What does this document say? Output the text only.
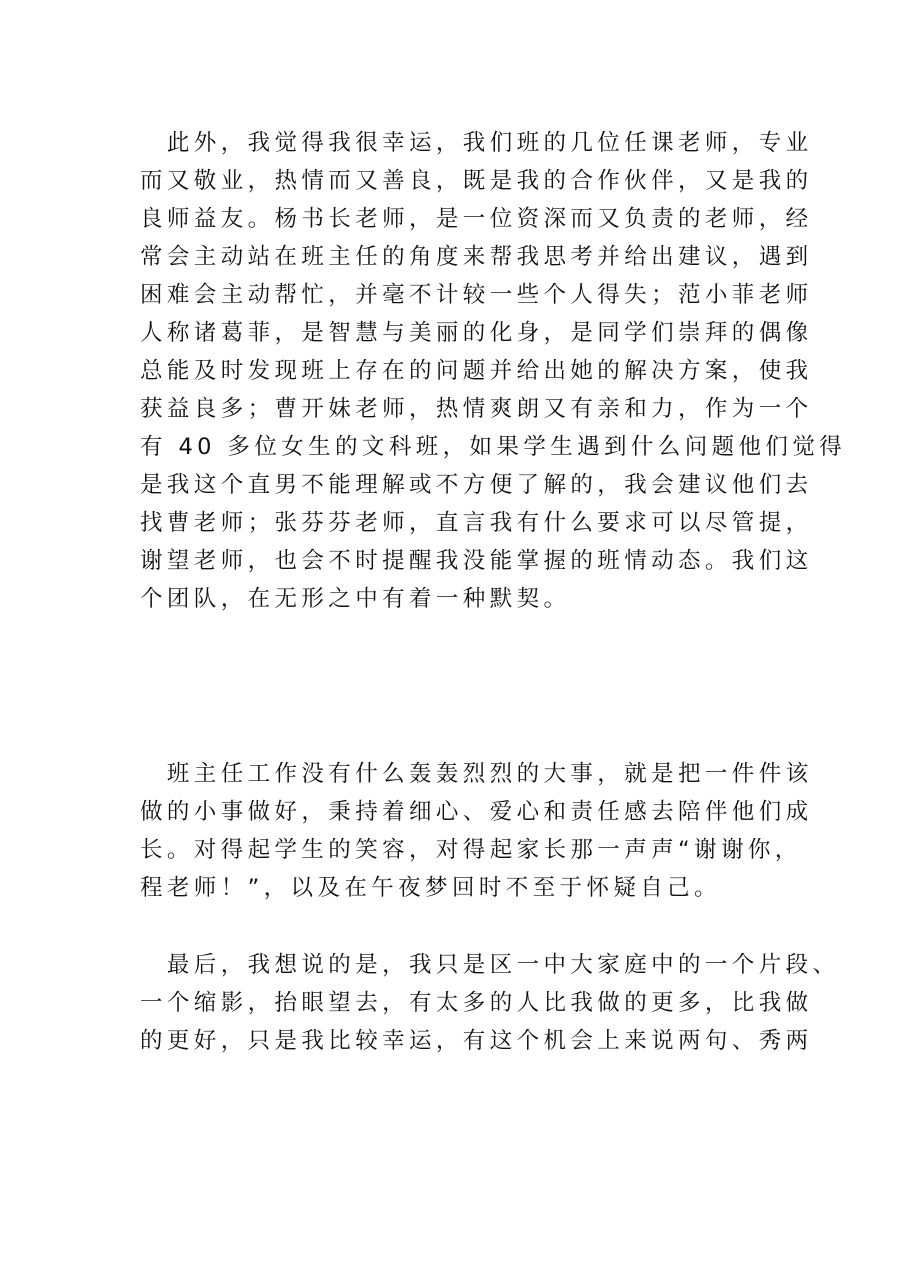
　此外，我觉得我很幸运，我们班的几位任课老师，专业
而又敬业，热情而又善良，既是我的合作伙伴，又是我的
良师益友。杨书长老师，是一位资深而又负责的老师，经
常会主动站在班主任的角度来帮我思考并给出建议，遇到
困难会主动帮忙，并毫不计较一些个人得失；范小菲老师
人称诸葛菲，是智慧与美丽的化身，是同学们崇拜的偶像
总能及时发现班上存在的问题并给出她的解决方案，使我
获益良多；曹开妹老师，热情爽朗又有亲和力，作为一个
有 40 多位女生的文科班，如果学生遇到什么问题他们觉得
是我这个直男不能理解或不方便了解的，我会建议他们去
找曹老师；张芬芬老师，直言我有什么要求可以尽管提，
谢望老师，也会不时提醒我没能掌握的班情动态。我们这
个团队，在无形之中有着一种默契。
　班主任工作没有什么轰轰烈烈的大事，就是把一件件该
做的小事做好，秉持着细心、爱心和责任感去陪伴他们成
长。对得起学生的笑容，对得起家长那一声声“谢谢你，
程老师！”，以及在午夜梦回时不至于怀疑自己。
　最后，我想说的是，我只是区一中大家庭中的一个片段、
一个缩影，抬眼望去，有太多的人比我做的更多，比我做
的更好，只是我比较幸运，有这个机会上来说两句、秀两
